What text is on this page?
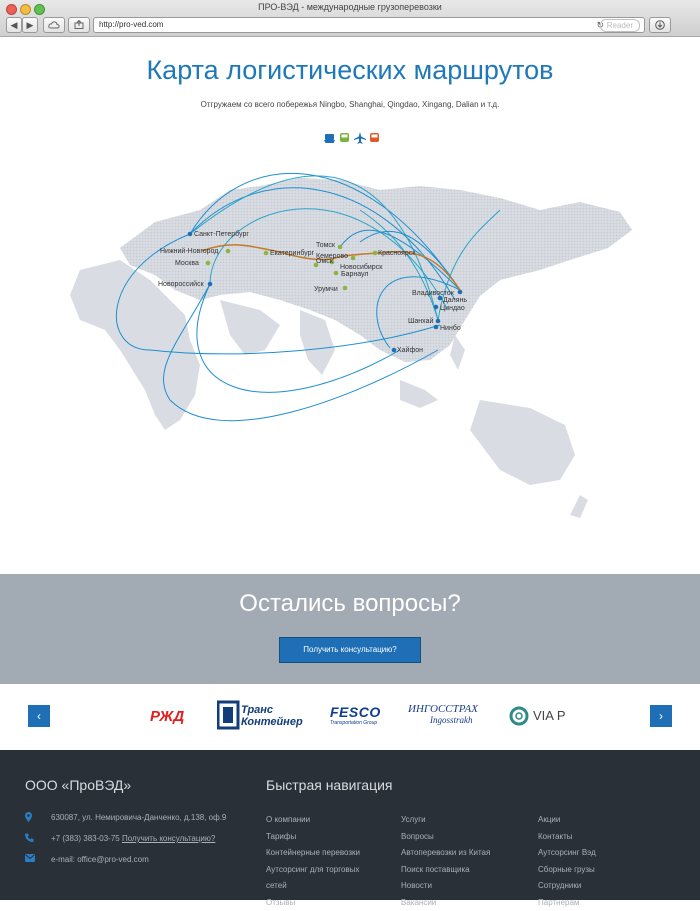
ПРО-ВЭД - международные грузоперевозки
◀	▶	http://pro-ved.com	↻ Reader
Карта логистических маршрутов
Отгружаем со всего побережья Ningbo, Shanghai, Qingdao, Xingang, Dalian и т.д.
Санкт-Петербург
Нижний-Новгород
Москва
Новороссийск
Екатеринбург
Омск
Томск
Кемерово
Новосибирск
Барнаул
Урумчи
Красноярск
Владивосток
Далянь
Циндао
Шанхай
Нинбо
Хайфон
Остались вопросы?
Получить консультацию?
‹	›
РЖД	Транс Контейнер
FESCO
Transportation Group
ИНГОССТРАХ
Ingosstrakh	VIA P
ООО «ПроВЭД»	Быстрая навигация
630087, ул. Немировича-Данченко, д.138, оф.9
+7 (383) 383-03-75 Получить консультацию?
e-mail: office@pro-ved.com
О компании
Тарифы
Контейнерные перевозки
Аутсорсинг для торговых
сетей
Отзывы
Услуги
Вопросы
Автоперевозки из Китая
Поиск поставщика
Новости
Вакансии
Акции
Контакты
Аутсорсинг Вэд
Сборные грузы
Сотрудники
Партнерам
